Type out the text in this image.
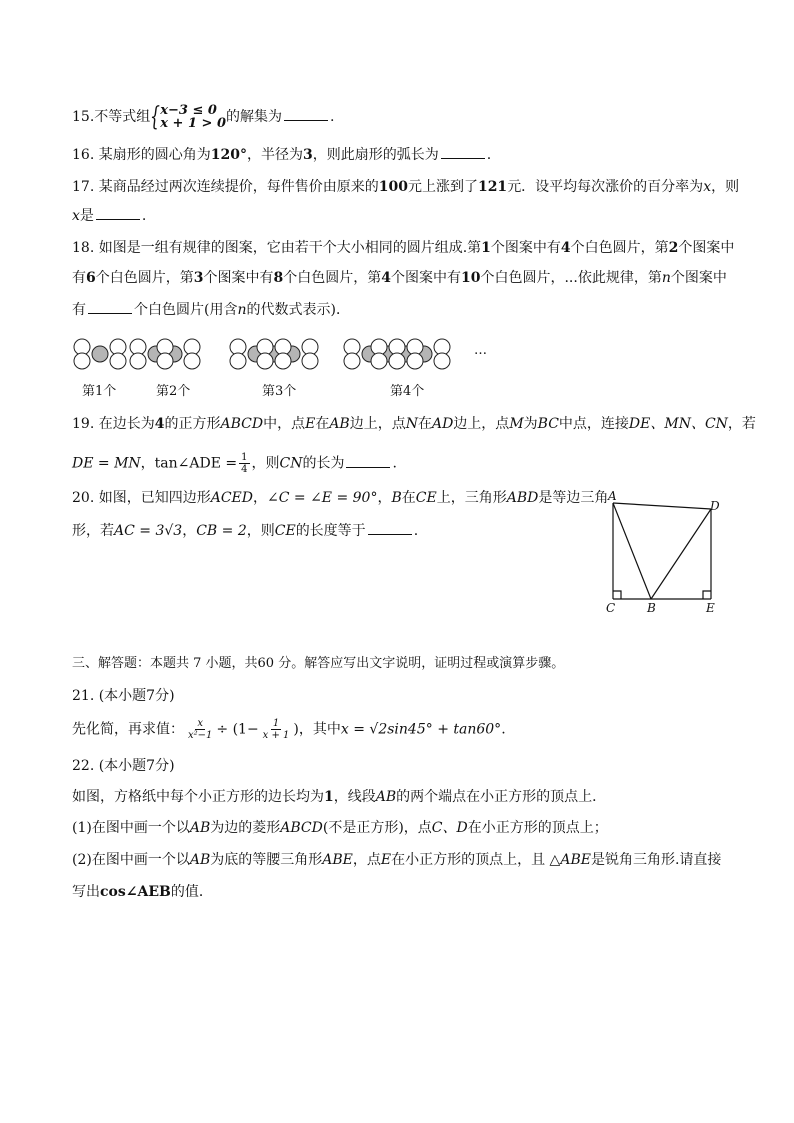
15.不等式组 { x−3 ≤ 0
x + 1 > 0的解集为	.
16. 某扇形的圆心角为120°，半径为3，则此扇形的弧长为	.
17. 某商品经过两次连续提价，每件售价由原来的100元上涨到了121元．设平均每次涨价的百分率为x，则
x是	.
18. 如图是一组有规律的图案，它由若干个大小相同的圆片组成.第1个图案中有4个白色圆片，第2个图案中
有6个白色圆片，第3个图案中有8个白色圆片，第4个图案中有10个白色圆片，...依此规律，第n个图案中
有	个白色圆片(用含n的代数式表示)．
第1个	第2个	第3个	第4个
…
19. 在边长为4的正方形ABCD中，点E在AB边上，点N在AD边上，点M为BC中点，连接DE、MN、CN，若
DE = MN，tan∠ADE = $\frac{1}{4}$ ，则CN的长为	.
20. 如图，已知四边形ACED，∠C = ∠E = 90°，B在CE上，三角形ABD是等边三角
形，若AC = 3√3，CB = 2，则CE的长度等于	.
A
D
C	B	E
三、解答题：本题共 7 小题，共60 分。解答应写出文字说明，证明过程或演算步骤。
21. (本小题7分)
先化简，再求值： $\frac{x}{\text{x²−1}} \div (1- \frac{1}{x + 1}$ )，其中x = √2sin45° + tan60°.
22. (本小题7分)
如图，方格纸中每个小正方形的边长均为1，线段AB的两个端点在小正方形的顶点上．
(1)在图中画一个以AB为边的菱形ABCD(不是正方形)，点C、D在小正方形的顶点上；
(2)在图中画一个以AB为底的等腰三角形ABE，点E在小正方形的顶点上，且 △ABE是锐角三角形.请直接
写出cos∠AEB的值．
